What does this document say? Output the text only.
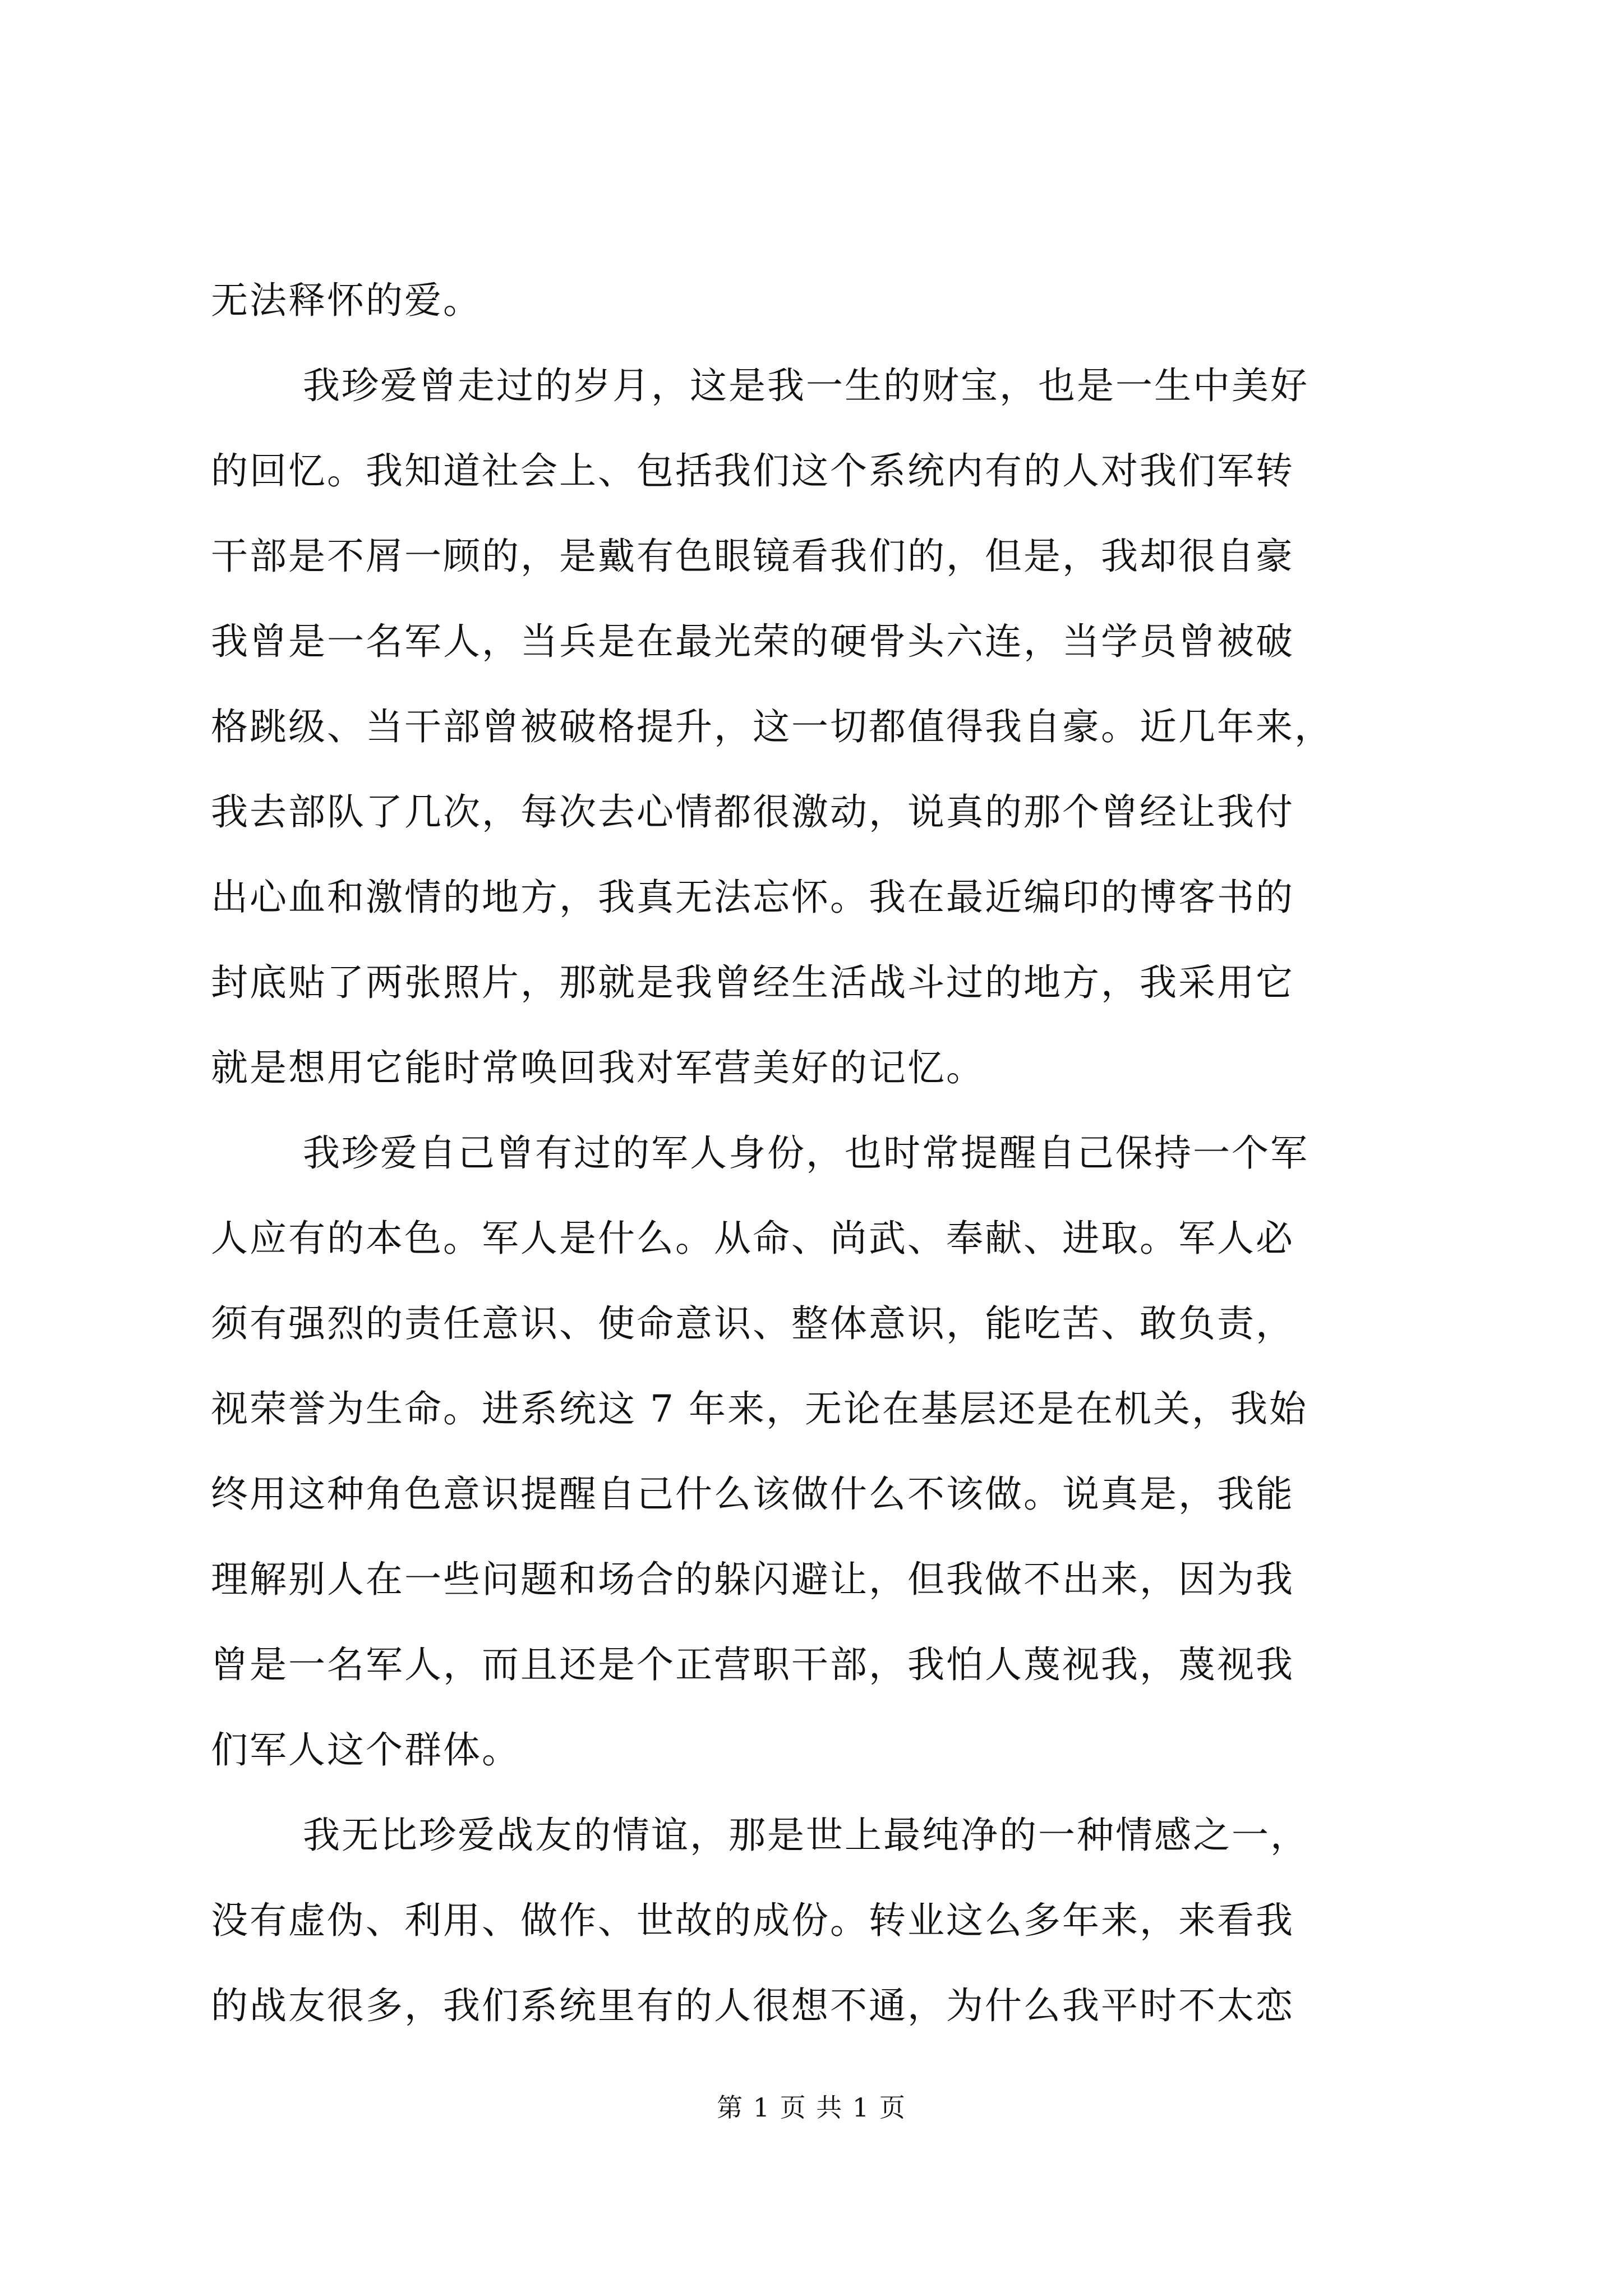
无法释怀的爱。
我珍爱曾走过的岁月，这是我一生的财宝，也是一生中美好
的回忆。我知道社会上、包括我们这个系统内有的人对我们军转
干部是不屑一顾的，是戴有色眼镜看我们的，但是，我却很自豪
我曾是一名军人，当兵是在最光荣的硬骨头六连，当学员曾被破
格跳级、当干部曾被破格提升，这一切都值得我自豪。近几年来，
我去部队了几次，每次去心情都很激动，说真的那个曾经让我付
出心血和激情的地方，我真无法忘怀。我在最近编印的博客书的
封底贴了两张照片，那就是我曾经生活战斗过的地方，我采用它
就是想用它能时常唤回我对军营美好的记忆。
我珍爱自己曾有过的军人身份，也时常提醒自己保持一个军
人应有的本色。军人是什么。从命、尚武、奉献、进取。军人必
须有强烈的责任意识、使命意识、整体意识，能吃苦、敢负责，
视荣誉为生命。进系统这 7 年来，无论在基层还是在机关，我始
终用这种角色意识提醒自己什么该做什么不该做。说真是，我能
理解别人在一些问题和场合的躲闪避让，但我做不出来，因为我
曾是一名军人，而且还是个正营职干部，我怕人蔑视我，蔑视我
们军人这个群体。
我无比珍爱战友的情谊，那是世上最纯净的一种情感之一，
没有虚伪、利用、做作、世故的成份。转业这么多年来，来看我
的战友很多，我们系统里有的人很想不通，为什么我平时不太恋
第 1 页 共 1 页
